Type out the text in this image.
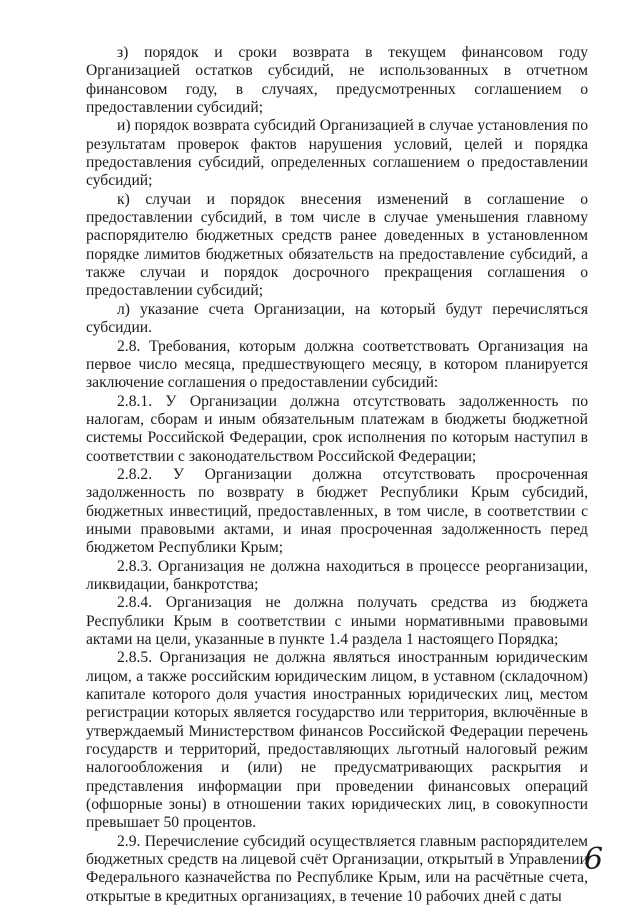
з) порядок и сроки возврата в текущем финансовом году Организацией остатков субсидий, не использованных в отчетном финансовом году, в случаях, предусмотренных соглашением о предоставлении субсидий;

и) порядок возврата субсидий Организацией в случае установления по результатам проверок фактов нарушения условий, целей и порядка предоставления субсидий, определенных соглашением о предоставлении субсидий;

к) случаи и порядок внесения изменений в соглашение о предоставлении субсидий, в том числе в случае уменьшения главному распорядителю бюджетных средств ранее доведенных в установленном порядке лимитов бюджетных обязательств на предоставление субсидий, а также случаи и порядок досрочного прекращения соглашения о предоставлении субсидий;

л) указание счета Организации, на который будут перечисляться субсидии.

2.8. Требования, которым должна соответствовать Организация на первое число месяца, предшествующего месяцу, в котором планируется заключение соглашения о предоставлении субсидий:

2.8.1. У Организации должна отсутствовать задолженность по налогам, сборам и иным обязательным платежам в бюджеты бюджетной системы Российской Федерации, срок исполнения по которым наступил в соответствии с законодательством Российской Федерации;

2.8.2. У Организации должна отсутствовать просроченная задолженность по возврату в бюджет Республики Крым субсидий, бюджетных инвестиций, предоставленных, в том числе, в соответствии с иными правовыми актами, и иная просроченная задолженность перед бюджетом Республики Крым;

2.8.3. Организация не должна находиться в процессе реорганизации, ликвидации, банкротства;

2.8.4. Организация не должна получать средства из бюджета Республики Крым в соответствии с иными нормативными правовыми актами на цели, указанные в пункте 1.4 раздела 1 настоящего Порядка;

2.8.5. Организация не должна являться иностранным юридическим лицом, а также российским юридическим лицом, в уставном (складочном) капитале которого доля участия иностранных юридических лиц, местом регистрации которых является государство или территория, включённые в утверждаемый Министерством финансов Российской Федерации перечень государств и территорий, предоставляющих льготный налоговый режим налогообложения и (или) не предусматривающих раскрытия и представления информации при проведении финансовых операций (офшорные зоны) в отношении таких юридических лиц, в совокупности превышает 50 процентов.

2.9. Перечисление субсидий осуществляется главным распорядителем бюджетных средств на лицевой счёт Организации, открытый в Управлении Федерального казначейства по Республике Крым, или на расчётные счета, открытые в кредитных организациях, в течение 10 рабочих дней с даты

6
